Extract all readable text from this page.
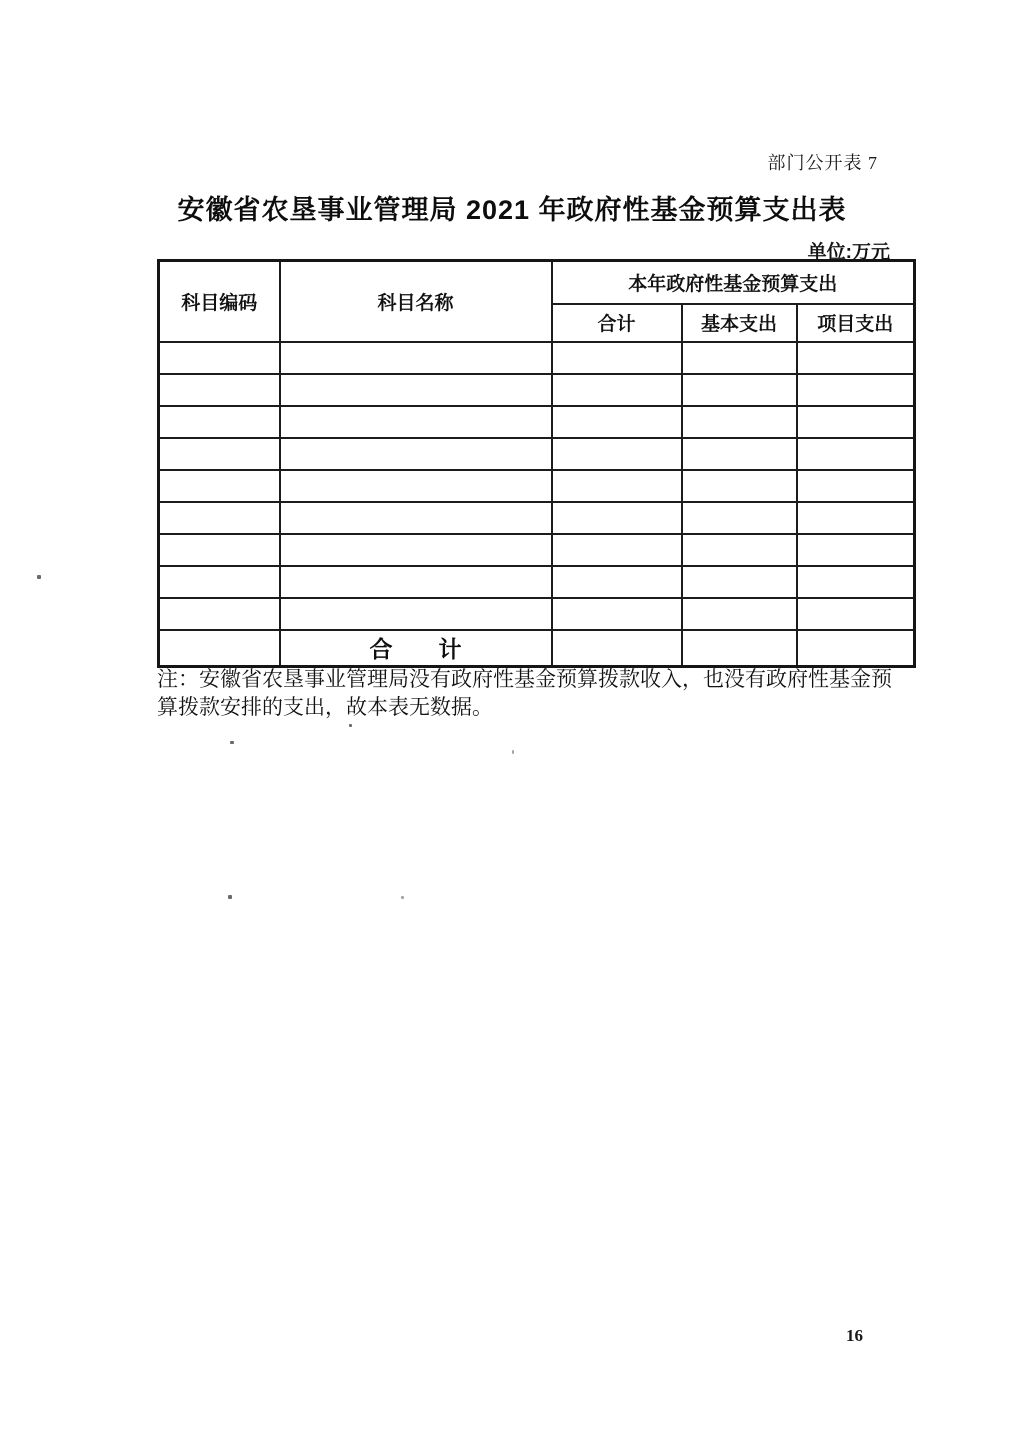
部门公开表 7
安徽省农垦事业管理局 2021 年政府性基金预算支出表
单位:万元
科目编码	科目名称	本年政府性基金预算支出		
		合计	基本支出	项目支出

	合　　计			

注：安徽省农垦事业管理局没有政府性基金预算拨款收入，也没有政府性基金预
算拨款安排的支出，故本表无数据。

16
